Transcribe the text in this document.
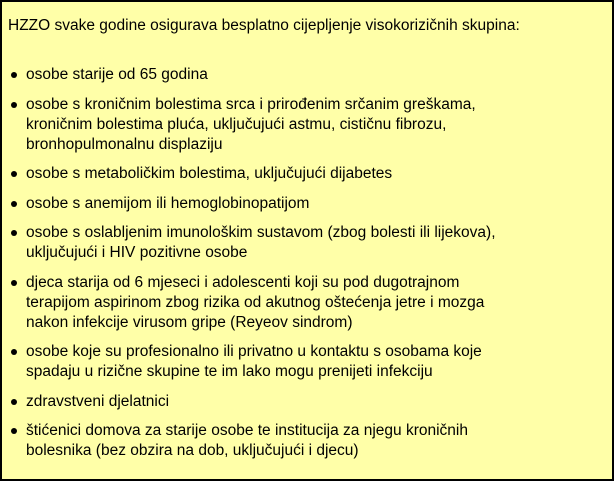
HZZO svake godine osigurava besplatno cijepljenje visokorizičnih skupina:

osobe starije od 65 godina
osobe s kroničnim bolestima srca i prirođenim srčanim greškama,
kroničnim bolestima pluća, uključujući astmu, cističnu fibrozu,
bronhopulmonalnu displaziju
osobe s metaboličkim bolestima, uključujući dijabetes
osobe s anemijom ili hemoglobinopatijom
osobe s oslabljenim imunološkim sustavom (zbog bolesti ili lijekova),
uključujući i HIV pozitivne osobe
djeca starija od 6 mjeseci i adolescenti koji su pod dugotrajnom
terapijom aspirinom zbog rizika od akutnog oštećenja jetre i mozga
nakon infekcije virusom gripe (Reyeov sindrom)
osobe koje su profesionalno ili privatno u kontaktu s osobama koje
spadaju u rizične skupine te im lako mogu prenijeti infekciju
zdravstveni djelatnici
štićenici domova za starije osobe te institucija za njegu kroničnih
bolesnika (bez obzira na dob, uključujući i djecu)
